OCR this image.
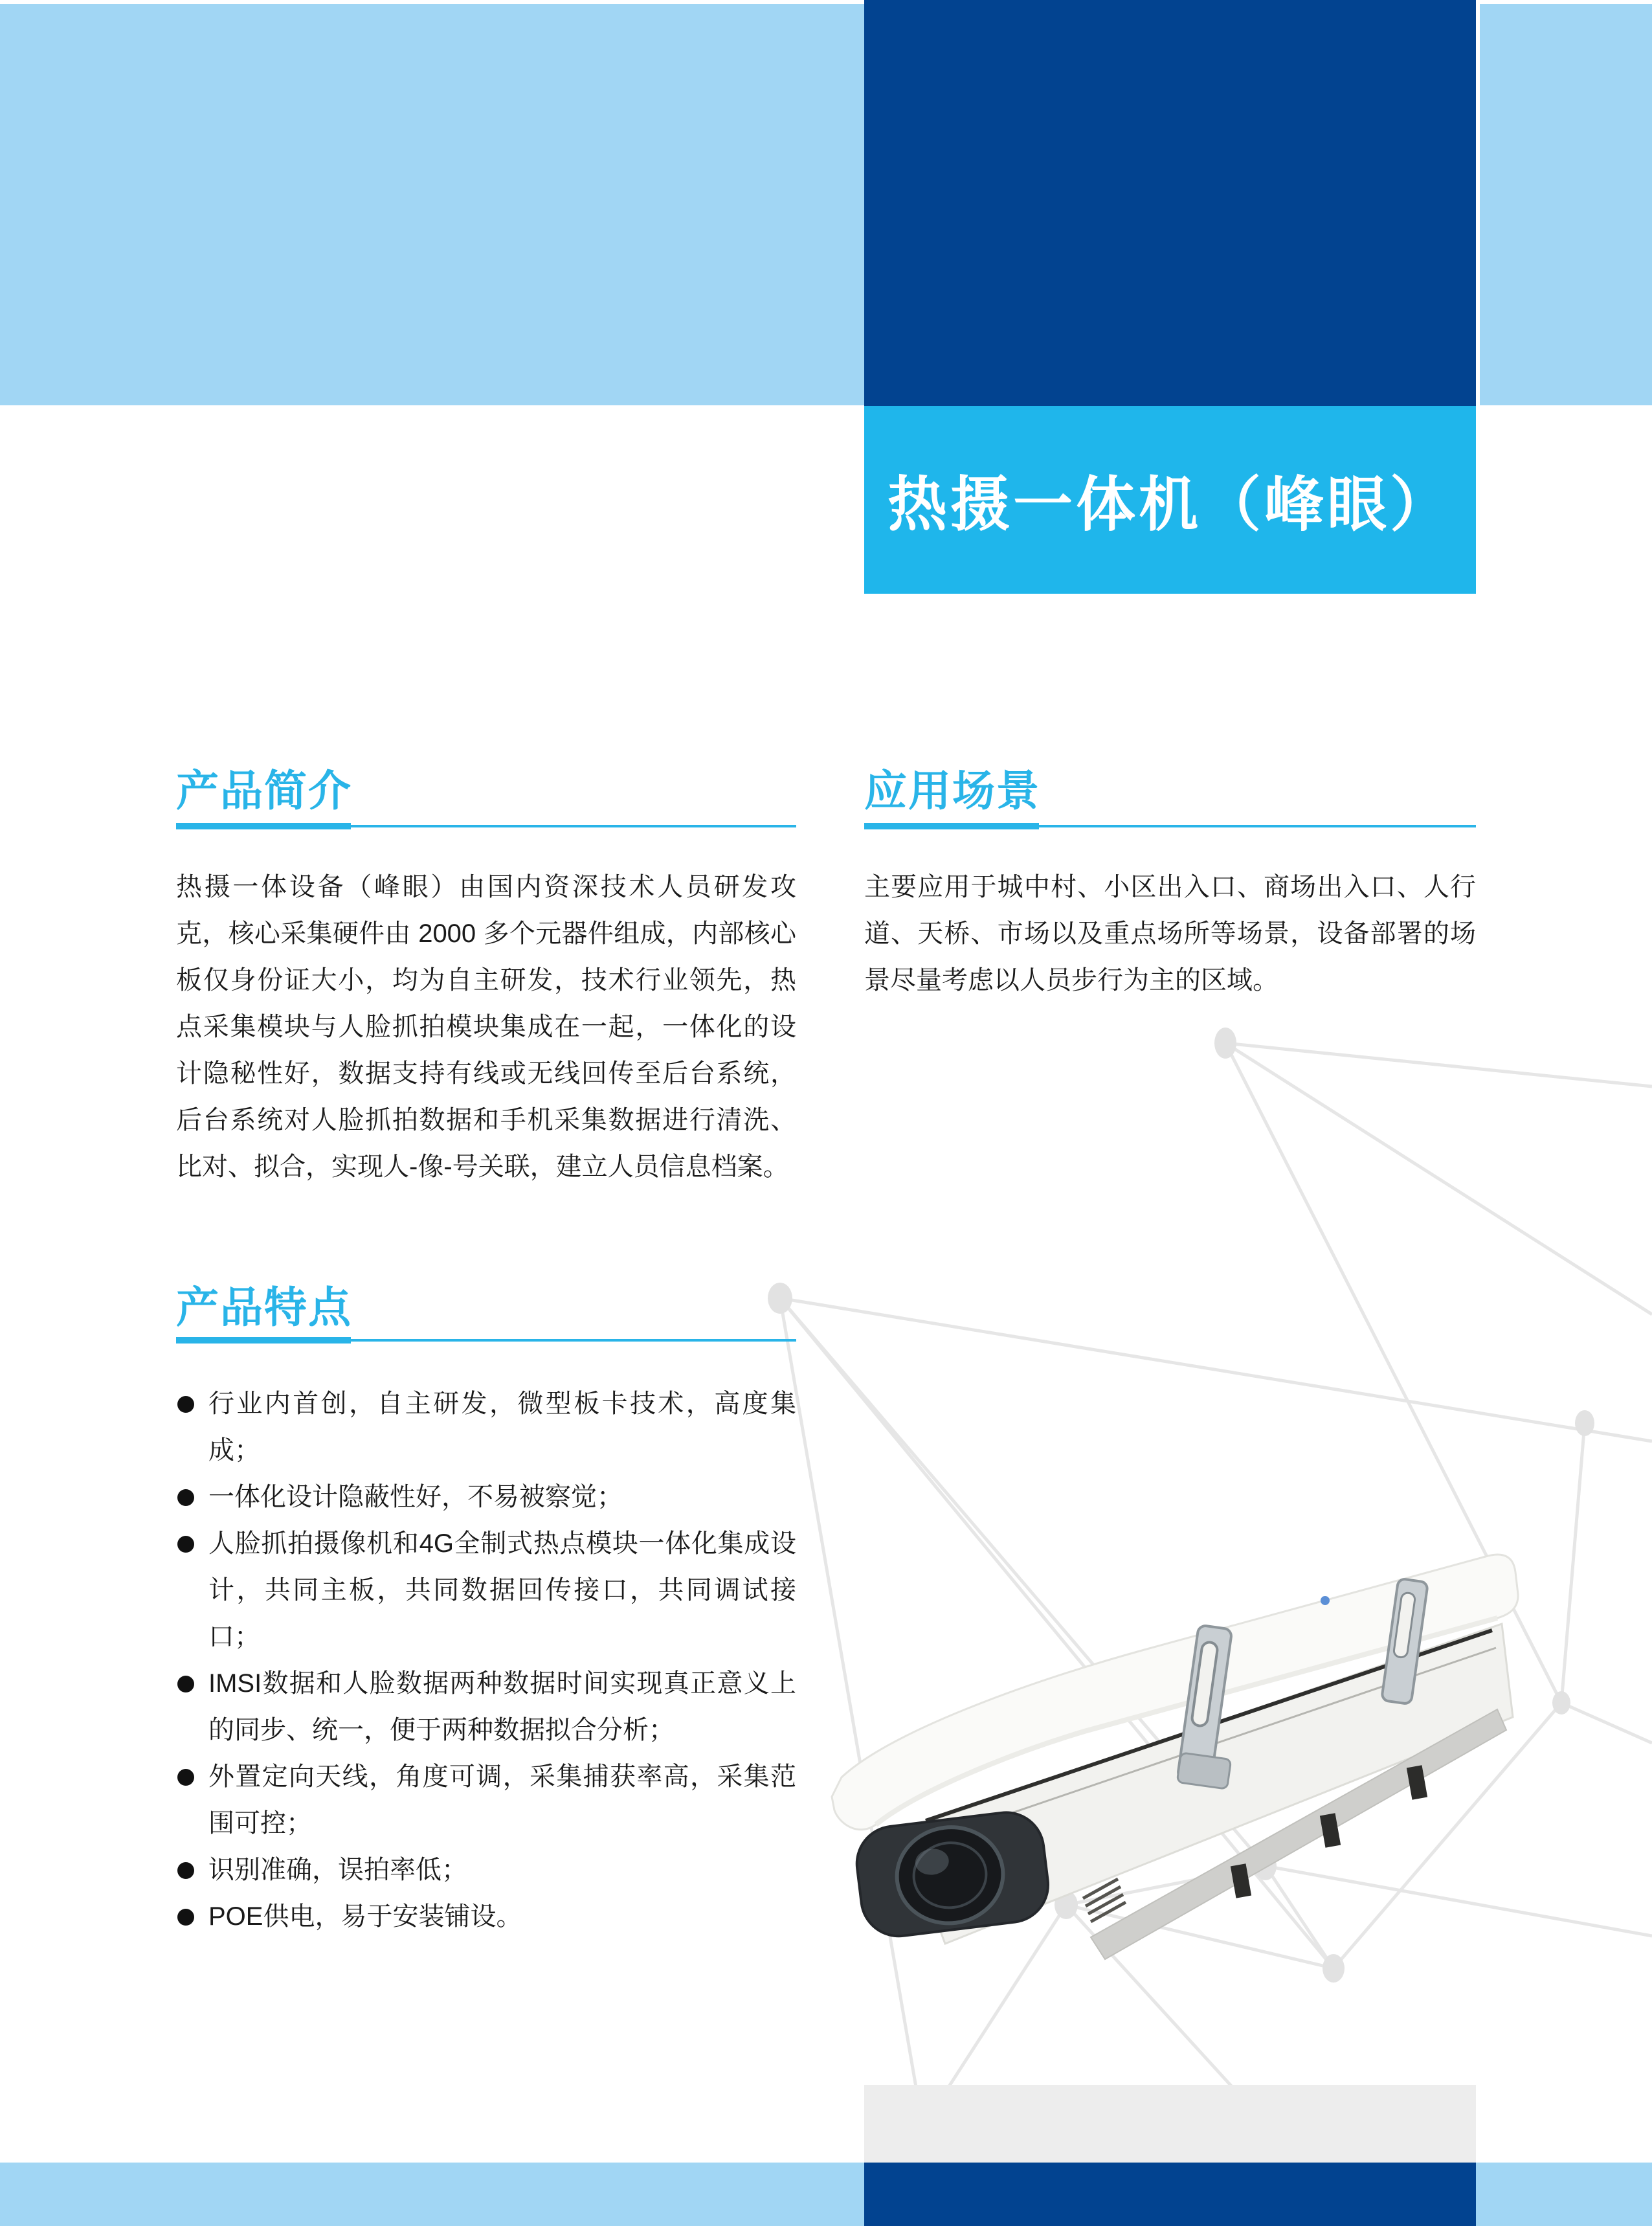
热摄一体机（峰眼）
产品简介

热摄一体设备（峰眼）由国内资深技术人员研发攻克，核心采集硬件由 2000 多个元器件组成，内部核心板仅身份证大小，均为自主研发，技术行业领先，热点采集模块与人脸抓拍模块集成在一起，一体化的设计隐秘性好，数据支持有线或无线回传至后台系统，后台系统对人脸抓拍数据和手机采集数据进行清洗、比对、拟合，实现人-像-号关联，建立人员信息档案。

应用场景

主要应用于城中村、小区出入口、商场出入口、人行道、天桥、市场以及重点场所等场景，设备部署的场景尽量考虑以人员步行为主的区域。

产品特点
行业内首创，自主研发，微型板卡技术，高度集成；
一体化设计隐蔽性好，不易被察觉；
人脸抓拍摄像机和4G全制式热点模块一体化集成设计，共同主板，共同数据回传接口，共同调试接口；
IMSI数据和人脸数据两种数据时间实现真正意义上的同步、统一，便于两种数据拟合分析；
外置定向天线，角度可调，采集捕获率高，采集范围可控；
识别准确，误拍率低；
POE供电，易于安装铺设。
